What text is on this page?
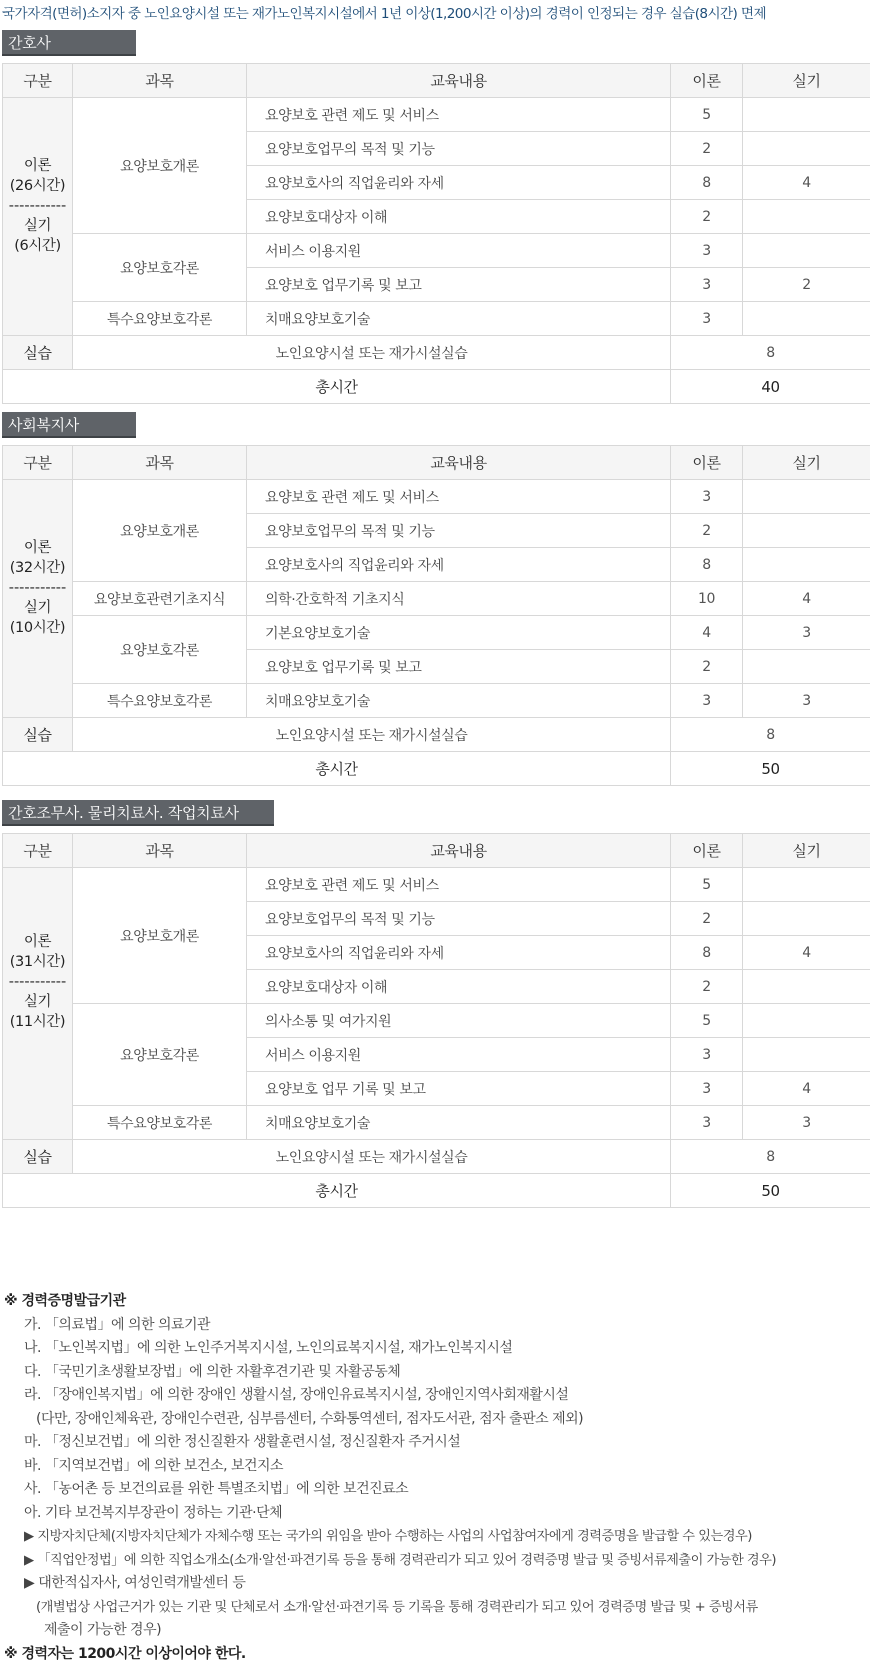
국가자격(면허)소지자 중 노인요양시설 또는 재가노인복지시설에서 1년 이상(1,200시간 이상)의 경력이 인정되는 경우 실습(8시간) 면제
간호사
구분	과목	교육내용	이론	실기

이론
(26시간)
-----------
실기
(6시간)	요양보호개론	요양보호 관련 제도 및 서비스	5	
		요양보호업무의 목적 및 기능	2	
		요양보호사의 직업윤리와 자세	8	4
		요양보호대상자 이해	2	
	요양보호각론	서비스 이용지원	3	
		요양보호 업무기록 및 보고	3	2
	특수요양보호각론	치매요양보호기술	3	
실습	노인요양시설 또는 재가시설실습		8	
총시간			40	
사회복지사
구분	과목	교육내용	이론	실기

이론
(32시간)
-----------
실기
(10시간)	요양보호개론	요양보호 관련 제도 및 서비스	3	
		요양보호업무의 목적 및 기능	2	
		요양보호사의 직업윤리와 자세	8	
	요양보호관련기초지식	의학·간호학적 기초지식	10	4
	요양보호각론	기본요양보호기술	4	3
		요양보호 업무기록 및 보고	2	
	특수요양보호각론	치매요양보호기술	3	3
실습	노인요양시설 또는 재가시설실습		8	
총시간			50	
간호조무사. 물리치료사. 작업치료사
구분	과목	교육내용	이론	실기

이론
(31시간)
-----------
실기
(11시간)	요양보호개론	요양보호 관련 제도 및 서비스	5	
		요양보호업무의 목적 및 기능	2	
		요양보호사의 직업윤리와 자세	8	4
		요양보호대상자 이해	2	
	요양보호각론	의사소통 및 여가지원	5	
		서비스 이용지원	3	
		요양보호 업무 기록 및 보고	3	4
	특수요양보호각론	치매요양보호기술	3	3
실습	노인요양시설 또는 재가시설실습		8	
총시간			50	
※ 경력증명발급기관
가. 「의료법」에 의한 의료기관
나. 「노인복지법」에 의한 노인주거복지시설, 노인의료복지시설, 재가노인복지시설
다. 「국민기초생활보장법」에 의한 자활후견기관 및 자활공동체
라. 「장애인복지법」에 의한 장애인 생활시설, 장애인유료복지시설, 장애인지역사회재활시설
(다만, 장애인체육관, 장애인수련관, 심부름센터, 수화통역센터, 점자도서관, 점자 출판소 제외)
마. 「정신보건법」에 의한 정신질환자 생활훈련시설, 정신질환자 주거시설
바. 「지역보건법」에 의한 보건소, 보건지소
사. 「농어촌 등 보건의료를 위한 특별조치법」에 의한 보건진료소
아. 기타 보건복지부장관이 정하는 기관·단체
▶ 지방자치단체(지방자치단체가 자체수행 또는 국가의 위임을 받아 수행하는 사업의 사업참여자에게 경력증명을 발급할 수 있는경우)
▶ 「직업안정법」에 의한 직업소개소(소개·알선·파견기록 등을 통해 경력관리가 되고 있어 경력증명 발급 및 증빙서류제출이 가능한 경우)
▶ 대한적십자사, 여성인력개발센터 등
(개별법상 사업근거가 있는 기관 및 단체로서 소개·알선·파견기록 등 기록을 통해 경력관리가 되고 있어 경력증명 발급 및 + 증빙서류
제출이 가능한 경우)
※ 경력자는 1200시간 이상이어야 한다.
